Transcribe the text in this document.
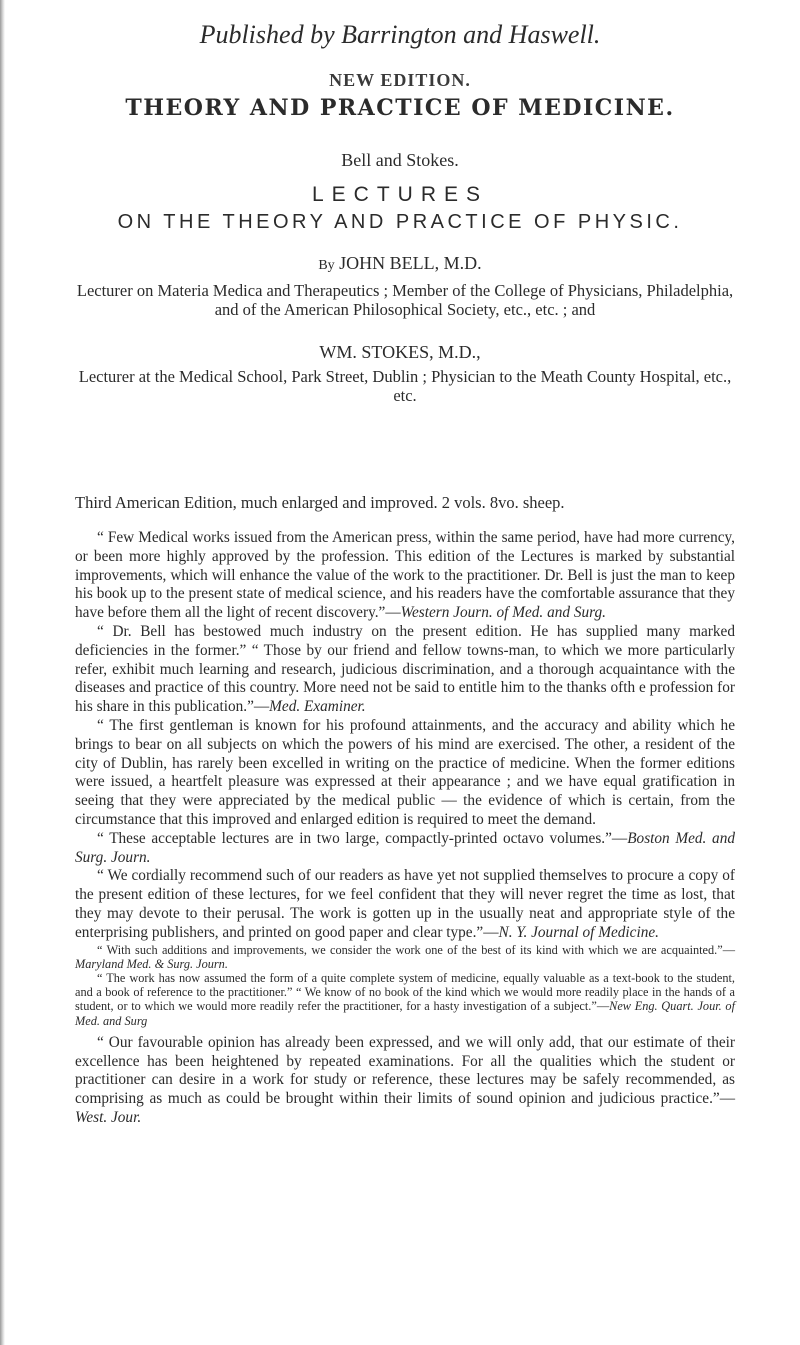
Published by Barrington and Haswell.
NEW EDITION.
THEORY AND PRACTICE OF MEDICINE.
Bell and Stokes.
LECTURES
ON THE THEORY AND PRACTICE OF PHYSIC.
By JOHN BELL, M.D.
Lecturer on Materia Medica and Therapeutics ; Member of the College of Physicians, Philadelphia, and of the American Philosophical Society, etc., etc. ; and
WM. STOKES, M.D.,
Lecturer at the Medical School, Park Street, Dublin ; Physician to the Meath County Hospital, etc., etc.
Third American Edition, much enlarged and improved. 2 vols. 8vo. sheep.

“ Few Medical works issued from the American press, within the same period, have had more currency, or been more highly approved by the profession. This edition of the Lectures is marked by substantial improvements, which will enhance the value of the work to the practitioner. Dr. Bell is just the man to keep his book up to the present state of medical science, and his readers have the comfortable assurance that they have before them all the light of recent discovery.”—Western Journ. of Med. and Surg.

“ Dr. Bell has bestowed much industry on the present edition. He has supplied many marked deficiencies in the former.” “ Those by our friend and fellow towns-man, to which we more particularly refer, exhibit much learning and research, judicious discrimination, and a thorough acquaintance with the diseases and practice of this country. More need not be said to entitle him to the thanks ofth e profession for his share in this publication.”—Med. Examiner.

“ The first gentleman is known for his profound attainments, and the accuracy and ability which he brings to bear on all subjects on which the powers of his mind are exercised. The other, a resident of the city of Dublin, has rarely been excelled in writing on the practice of medicine. When the former editions were issued, a heartfelt pleasure was expressed at their appearance ; and we have equal gratification in seeing that they were appreciated by the medical public — the evidence of which is certain, from the circumstance that this improved and enlarged edition is required to meet the demand.

“ These acceptable lectures are in two large, compactly-printed octavo volumes.”—Boston Med. and Surg. Journ.

“ We cordially recommend such of our readers as have yet not supplied themselves to procure a copy of the present edition of these lectures, for we feel confident that they will never regret the time as lost, that they may devote to their perusal. The work is gotten up in the usually neat and appropriate style of the enterprising publishers, and printed on good paper and clear type.”—N. Y. Journal of Medicine.

“ With such additions and improvements, we consider the work one of the best of its kind with which we are acquainted.”—Maryland Med. & Surg. Journ.

“ The work has now assumed the form of a quite complete system of medicine, equally valuable as a text-book to the student, and a book of reference to the practitioner.” “ We know of no book of the kind which we would more readily place in the hands of a student, or to which we would more readily refer the practitioner, for a hasty investigation of a subject.”—New Eng. Quart. Jour. of Med. and Surg

“ Our favourable opinion has already been expressed, and we will only add, that our estimate of their excellence has been heightened by repeated examinations. For all the qualities which the student or practitioner can desire in a work for study or reference, these lectures may be safely recommended, as comprising as much as could be brought within their limits of sound opinion and judicious practice.”—West. Jour.
